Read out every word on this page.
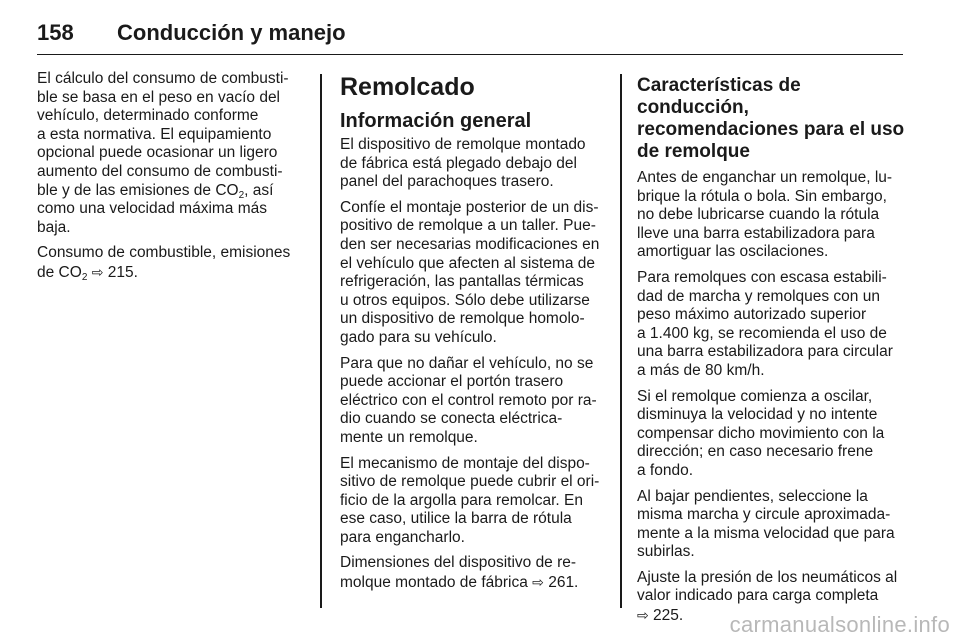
158	Conducción y manejo

El cálculo del consumo de combusti-
ble se basa en el peso en vacío del
vehículo, determinado conforme
a esta normativa. El equipamiento
opcional puede ocasionar un ligero
aumento del consumo de combusti-
ble y de las emisiones de $CO_2$, así
como una velocidad máxima más
baja.

Consumo de combustible, emisiones
de $CO_2$ ⇨ 215.

Remolcado
Información general

El dispositivo de remolque montado
de fábrica está plegado debajo del
panel del parachoques trasero.

Confíe el montaje posterior de un dis-
positivo de remolque a un taller. Pue-
den ser necesarias modificaciones en
el vehículo que afecten al sistema de
refrigeración, las pantallas térmicas
u otros equipos. Sólo debe utilizarse
un dispositivo de remolque homolo-
gado para su vehículo.

Para que no dañar el vehículo, no se
puede accionar el portón trasero
eléctrico con el control remoto por ra-
dio cuando se conecta eléctrica-
mente un remolque.

El mecanismo de montaje del dispo-
sitivo de remolque puede cubrir el ori-
ficio de la argolla para remolcar. En
ese caso, utilice la barra de rótula
para engancharlo.

Dimensiones del dispositivo de re-
molque montado de fábrica ⇨ 261.

Características de
conducción,
recomendaciones para el uso
de remolque

Antes de enganchar un remolque, lu-
brique la rótula o bola. Sin embargo,
no debe lubricarse cuando la rótula
lleve una barra estabilizadora para
amortiguar las oscilaciones.

Para remolques con escasa estabili-
dad de marcha y remolques con un
peso máximo autorizado superior
a 1.400 kg, se recomienda el uso de
una barra estabilizadora para circular
a más de 80 km/h.

Si el remolque comienza a oscilar,
disminuya la velocidad y no intente
compensar dicho movimiento con la
dirección; en caso necesario frene
a fondo.

Al bajar pendientes, seleccione la
misma marcha y circule aproximada-
mente a la misma velocidad que para
subirlas.

Ajuste la presión de los neumáticos al
valor indicado para carga completa
⇨ 225.	carmanualsonline.info
